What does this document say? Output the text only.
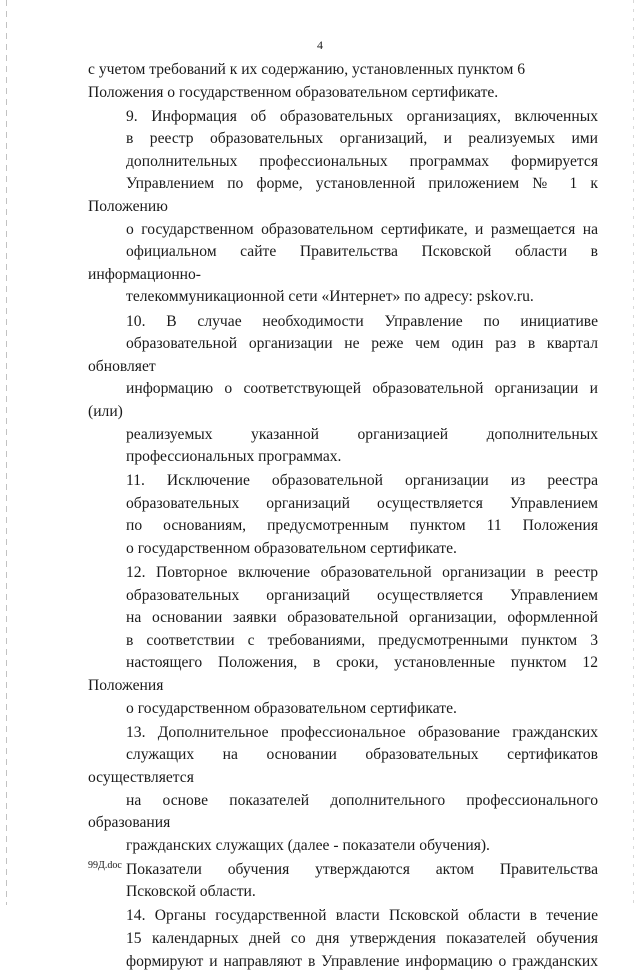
4

с учетом требований к их содержанию, установленных пунктом 6
Положения о государственном образовательном сертификате.

9. Информация об образовательных организациях, включенных
в реестр образовательных организаций, и реализуемых ими
дополнительных профессиональных программах формируется
Управлением по форме, установленной приложением № 1 к Положению
о государственном образовательном сертификате, и размещается на
официальном сайте Правительства Псковской области в информационно-
телекоммуникационной сети «Интернет» по адресу: pskov.ru.

10. В случае необходимости Управление по инициативе
образовательной организации не реже чем один раз в квартал обновляет
информацию о соответствующей образовательной организации и (или)
реализуемых указанной организацией дополнительных
профессиональных программах.

11. Исключение образовательной организации из реестра
образовательных организаций осуществляется Управлением
по основаниям, предусмотренным пунктом 11 Положения
о государственном образовательном сертификате.

12. Повторное включение образовательной организации в реестр
образовательных организаций осуществляется Управлением
на основании заявки образовательной организации, оформленной
в соответствии с требованиями, предусмотренными пунктом 3
настоящего Положения, в сроки, установленные пунктом 12 Положения
о государственном образовательном сертификате.

13. Дополнительное профессиональное образование гражданских
служащих на основании образовательных сертификатов осуществляется
на основе показателей дополнительного профессионального образования
гражданских служащих (далее - показатели обучения).

Показатели обучения утверждаются актом Правительства
Псковской области.

14. Органы государственной власти Псковской области в течение
15 календарных дней со дня утверждения показателей обучения
формируют и направляют в Управление информацию о гражданских

99Д.doc
